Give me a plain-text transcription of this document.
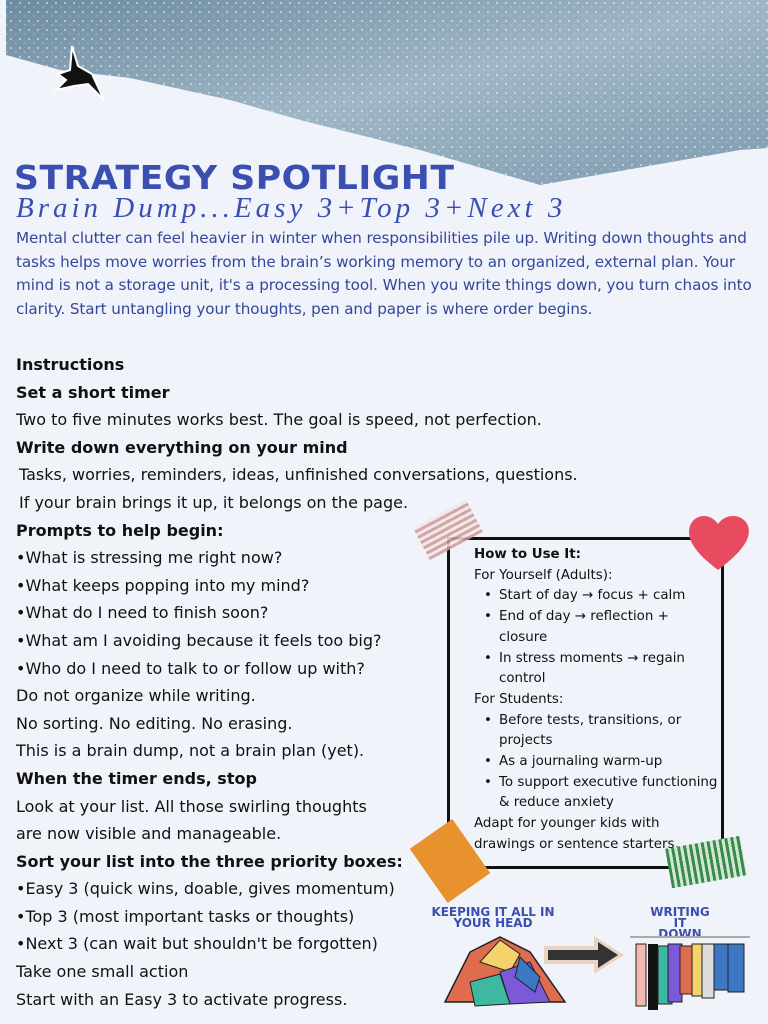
STRATEGY SPOTLIGHT
Brain Dump...Easy 3+Top 3+Next 3
Mental clutter can feel heavier in winter when responsibilities pile up. Writing down thoughts and tasks helps move worries from the brain’s working memory to an organized, external plan. Your mind is not a storage unit, it's a processing tool. When you write things down, you turn chaos into clarity. Start untangling your thoughts, pen and paper is where order begins.
Instructions
Set a short timer
Two to five minutes works best. The goal is speed, not perfection.
Write down everything on your mind
Tasks, worries, reminders, ideas, unfinished conversations, questions.
If your brain brings it up, it belongs on the page.
Prompts to help begin:
• What is stressing me right now?
• What keeps popping into my mind?
• What do I need to finish soon?
• What am I avoiding because it feels too big?
• Who do I need to talk to or follow up with?
Do not organize while writing.
No sorting. No editing. No erasing.
This is a brain dump, not a brain plan (yet).
When the timer ends, stop
Look at your list. All those swirling thoughts
are now visible and manageable.
Sort your list into the three priority boxes:
• Easy 3 (quick wins, doable, gives momentum)
• Top 3 (most important tasks or thoughts)
• Next 3 (can wait but shouldn't be forgotten)
Take one small action
Start with an Easy 3 to activate progress.
How to Use It:
For Yourself (Adults):
• Start of day → focus + calm
• End of day → reflection + closure
• In stress moments → regain control
For Students:
• Before tests, transitions, or projects
• As a journaling warm-up
• To support executive functioning & reduce anxiety
Adapt for younger kids with drawings or sentence starters.
KEEPING IT ALL IN YOUR HEAD
WRITING IT DOWN
